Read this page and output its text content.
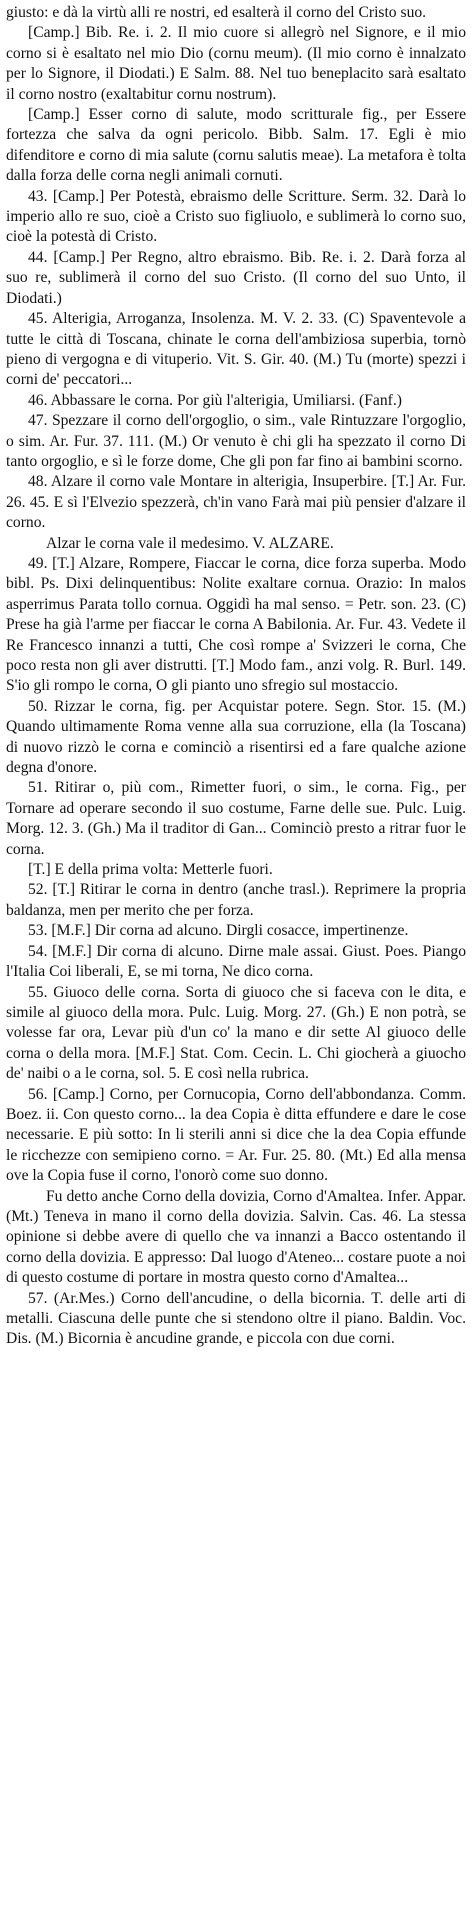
giusto: e dà la virtù alli re nostri, ed esalterà il corno del Cristo suo.

[Camp.] Bib. Re. i. 2. Il mio cuore si allegrò nel Signore, e il mio corno si è esaltato nel mio Dio (cornu meum). (Il mio corno è innalzato per lo Signore, il Diodati.) E Salm. 88. Nel tuo beneplacito sarà esaltato il corno nostro (exaltabitur cornu nostrum).

[Camp.] Esser corno di salute, modo scritturale fig., per Essere fortezza che salva da ogni pericolo. Bibb. Salm. 17. Egli è mio difenditore e corno di mia salute (cornu salutis meae). La metafora è tolta dalla forza delle corna negli animali cornuti.

43. [Camp.] Per Potestà, ebraismo delle Scritture. Serm. 32. Darà lo imperio allo re suo, cioè a Cristo suo figliuolo, e sublimerà lo corno suo, cioè la potestà di Cristo.

44. [Camp.] Per Regno, altro ebraismo. Bib. Re. i. 2. Darà forza al suo re, sublimerà il corno del suo Cristo. (Il corno del suo Unto, il Diodati.)

45. Alterigia, Arroganza, Insolenza. M. V. 2. 33. (C) Spaventevole a tutte le città di Toscana, chinate le corna dell'ambiziosa superbia, tornò pieno di vergogna e di vituperio. Vit. S. Gir. 40. (M.) Tu (morte) spezzi i corni de' peccatori...

46. Abbassare le corna. Por giù l'alterigia, Umiliarsi. (Fanf.)

47. Spezzare il corno dell'orgoglio, o sim., vale Rintuzzare l'orgoglio, o sim. Ar. Fur. 37. 111. (M.) Or venuto è chi gli ha spezzato il corno Di tanto orgoglio, e sì le forze dome, Che gli pon far fino ai bambini scorno.

48. Alzare il corno vale Montare in alterigia, Insuperbire. [T.] Ar. Fur. 26. 45. E sì l'Elvezio spezzerà, ch'in vano Farà mai più pensier d'alzare il corno.

Alzar le corna vale il medesimo. V. ALZARE.

49. [T.] Alzare, Rompere, Fiaccar le corna, dice forza superba. Modo bibl. Ps. Dixi delinquentibus: Nolite exaltare cornua. Orazio: In malos asperrimus Parata tollo cornua. Oggidì ha mal senso. = Petr. son. 23. (C) Prese ha già l'arme per fiaccar le corna A Babilonia. Ar. Fur. 43. Vedete il Re Francesco innanzi a tutti, Che così rompe a' Svizzeri le corna, Che poco resta non gli aver distrutti. [T.] Modo fam., anzi volg. R. Burl. 149. S'io gli rompo le corna, O gli pianto uno sfregio sul mostaccio.

50. Rizzar le corna, fig. per Acquistar potere. Segn. Stor. 15. (M.) Quando ultimamente Roma venne alla sua corruzione, ella (la Toscana) di nuovo rizzò le corna e cominciò a risentirsi ed a fare qualche azione degna d'onore.

51. Ritirar o, più com., Rimetter fuori, o sim., le corna. Fig., per Tornare ad operare secondo il suo costume, Farne delle sue. Pulc. Luig. Morg. 12. 3. (Gh.) Ma il traditor di Gan... Cominciò presto a ritrar fuor le corna.

[T.] E della prima volta: Metterle fuori.

52. [T.] Ritirar le corna in dentro (anche trasl.). Reprimere la propria baldanza, men per merito che per forza.

53. [M.F.] Dir corna ad alcuno. Dirgli cosacce, impertinenze.

54. [M.F.] Dir corna di alcuno. Dirne male assai. Giust. Poes. Piango l'Italia Coi liberali, E, se mi torna, Ne dico corna.

55. Giuoco delle corna. Sorta di giuoco che si faceva con le dita, e simile al giuoco della mora. Pulc. Luig. Morg. 27. (Gh.) E non potrà, se volesse far ora, Levar più d'un co' la mano e dir sette Al giuoco delle corna o della mora. [M.F.] Stat. Com. Cecin. L. Chi giocherà a giuocho de' naibi o a le corna, sol. 5. E così nella rubrica.

56. [Camp.] Corno, per Cornucopia, Corno dell'abbondanza. Comm. Boez. ii. Con questo corno... la dea Copia è ditta effundere e dare le cose necessarie. E più sotto: In li sterili anni si dice che la dea Copia effunde le ricchezze con semipieno corno. = Ar. Fur. 25. 80. (Mt.) Ed alla mensa ove la Copia fuse il corno, l'onorò come suo donno.

Fu detto anche Corno della dovizia, Corno d'Amaltea. Infer. Appar. (Mt.) Teneva in mano il corno della dovizia. Salvin. Cas. 46. La stessa opinione si debbe avere di quello che va innanzi a Bacco ostentando il corno della dovizia. E appresso: Dal luogo d'Ateneo... costare puote a noi di questo costume di portare in mostra questo corno d'Amaltea...

57. (Ar.Mes.) Corno dell'ancudine, o della bicornia. T. delle arti di metalli. Ciascuna delle punte che si stendono oltre il piano. Baldin. Voc. Dis. (M.) Bicornia è ancudine grande, e piccola con due corni.
